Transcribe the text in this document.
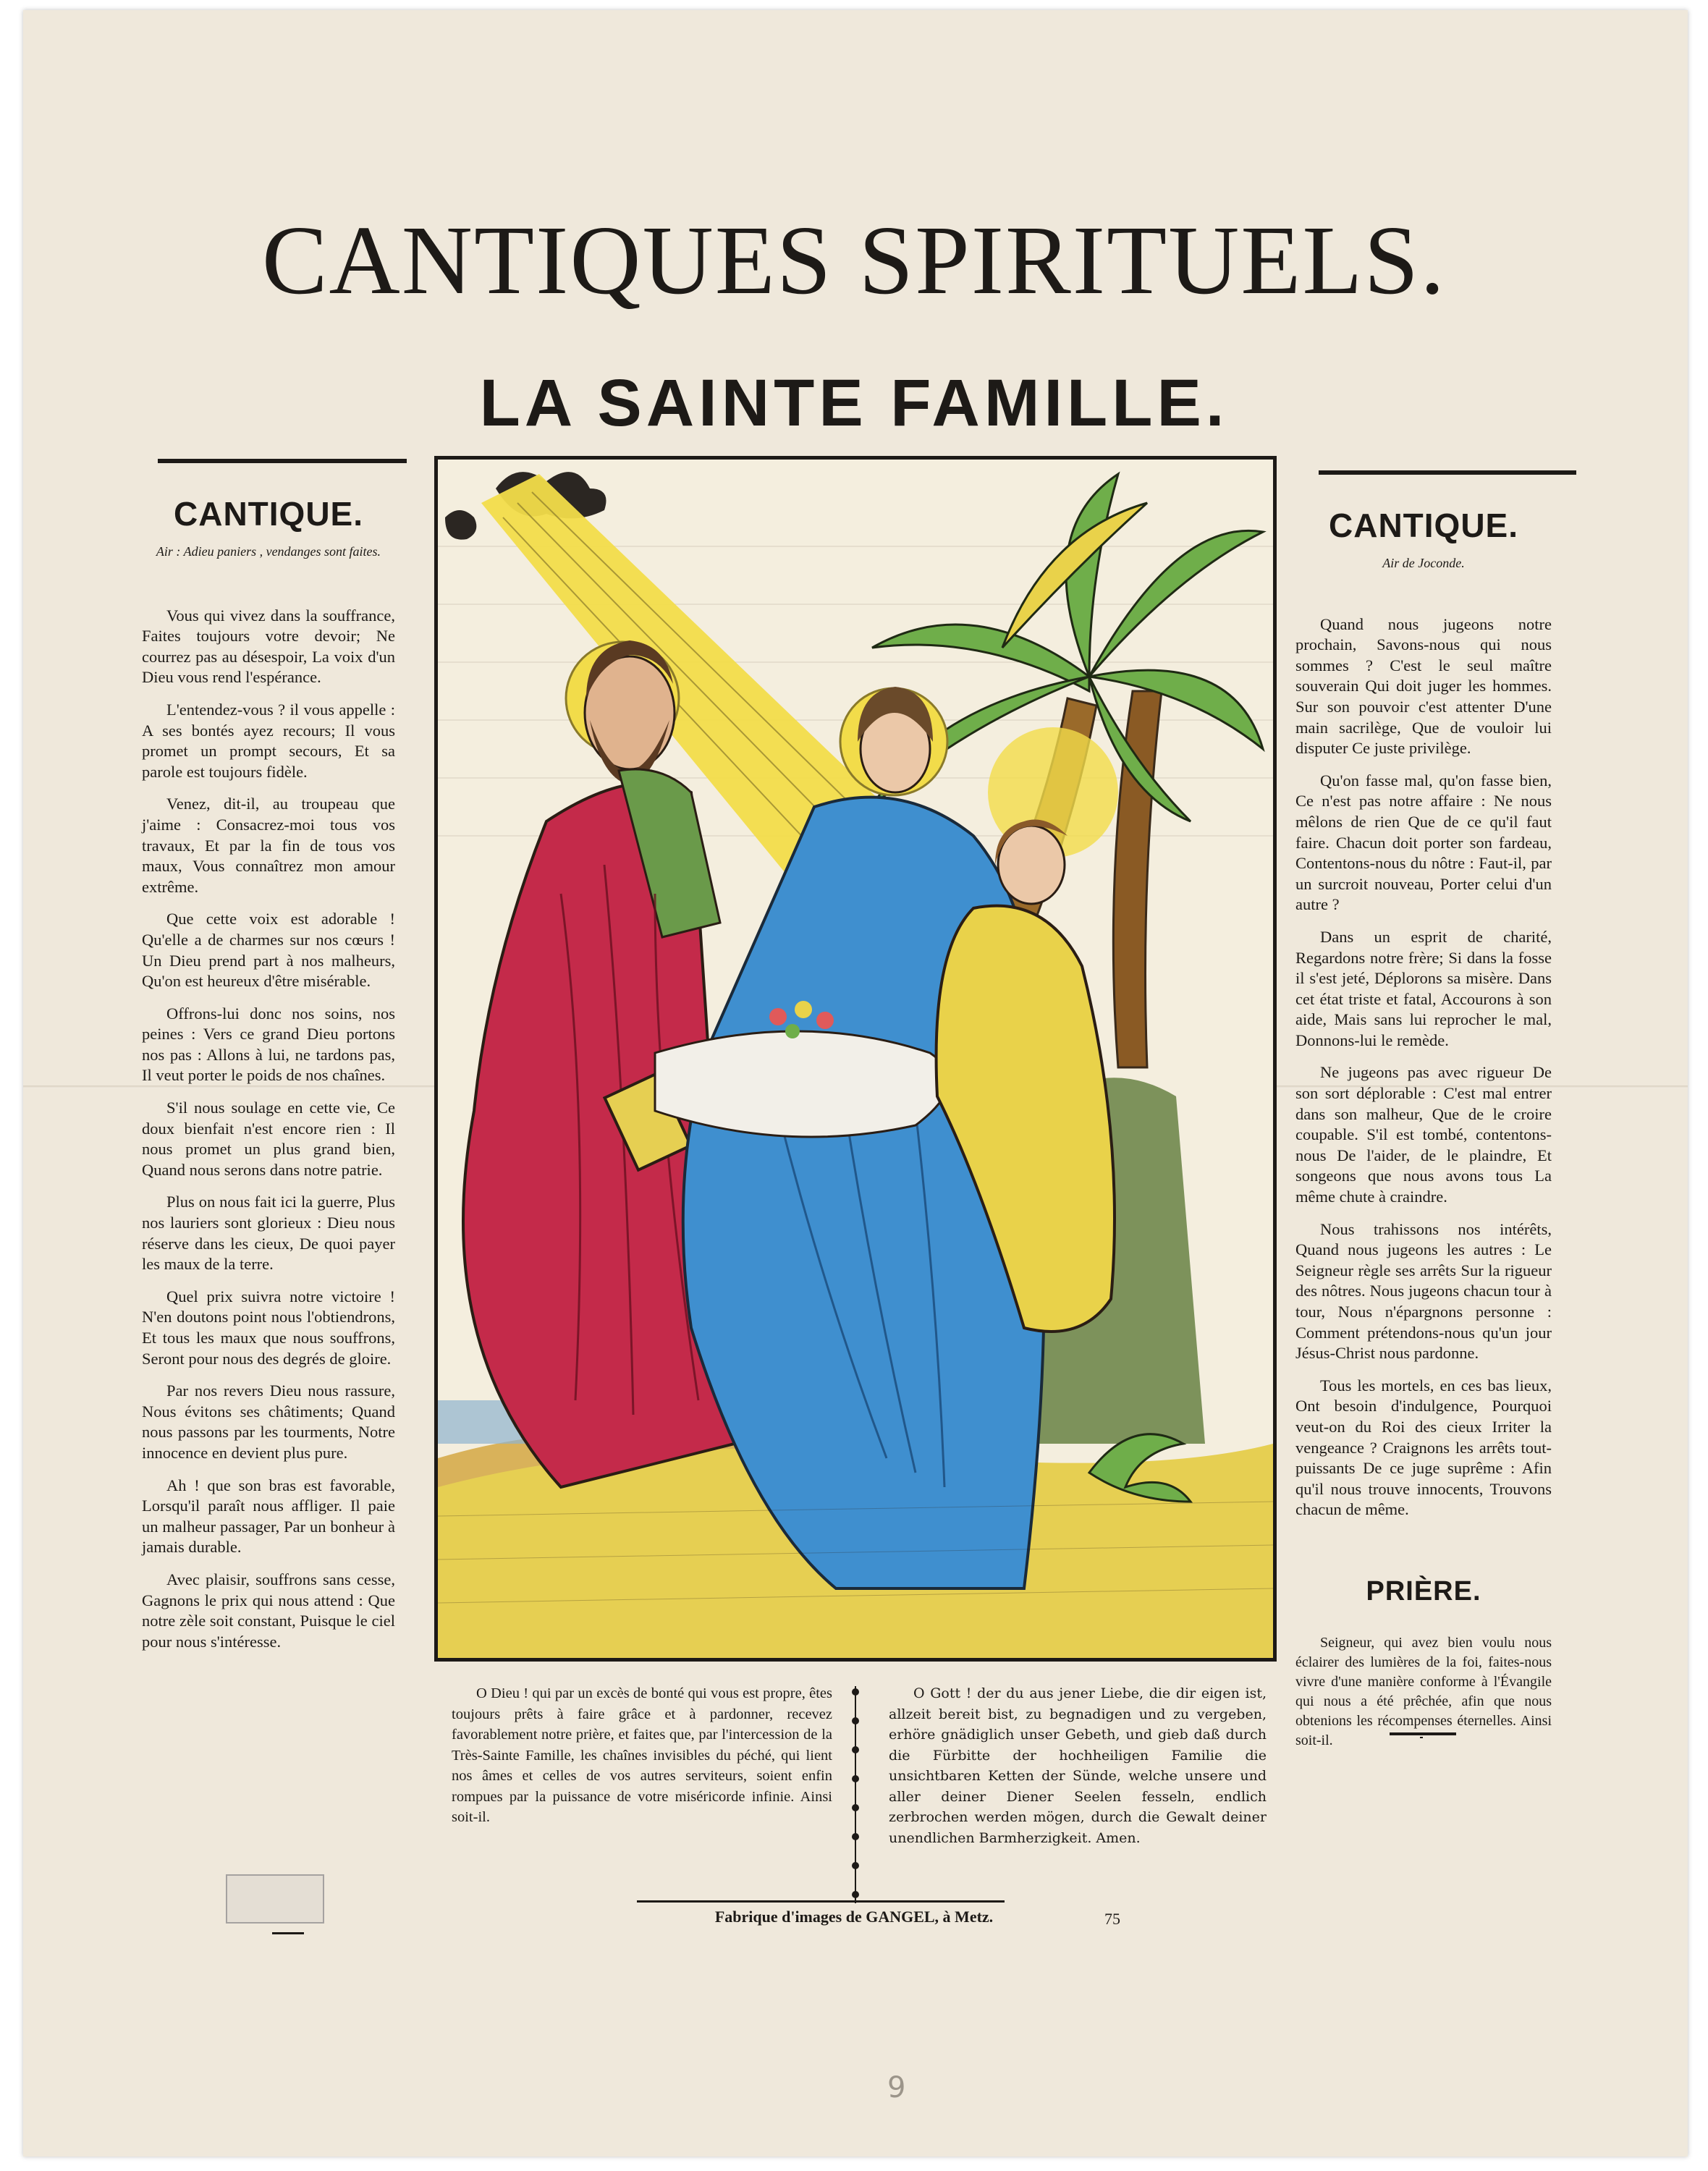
CANTIQUES SPIRITUELS.
LA SAINTE FAMILLE.
CANTIQUE.
Air : Adieu paniers , vendanges sont faites.

Vous qui vivez dans la souffrance, Faites toujours votre devoir; Ne courrez pas au désespoir, La voix d'un Dieu vous rend l'espérance.

L'entendez-vous ? il vous appelle : A ses bontés ayez recours; Il vous promet un prompt secours, Et sa parole est toujours fidèle.

Venez, dit-il, au troupeau que j'aime : Consacrez-moi tous vos travaux, Et par la fin de tous vos maux, Vous connaîtrez mon amour extrême.

Que cette voix est adorable ! Qu'elle a de charmes sur nos cœurs ! Un Dieu prend part à nos malheurs, Qu'on est heureux d'être misérable.

Offrons-lui donc nos soins, nos peines : Vers ce grand Dieu portons nos pas : Allons à lui, ne tardons pas, Il veut porter le poids de nos chaînes.

S'il nous soulage en cette vie, Ce doux bienfait n'est encore rien : Il nous promet un plus grand bien, Quand nous serons dans notre patrie.

Plus on nous fait ici la guerre, Plus nos lauriers sont glorieux : Dieu nous réserve dans les cieux, De quoi payer les maux de la terre.

Quel prix suivra notre victoire ! N'en doutons point nous l'obtiendrons, Et tous les maux que nous souffrons, Seront pour nous des degrés de gloire.

Par nos revers Dieu nous rassure, Nous évitons ses châtiments; Quand nous passons par les tourments, Notre innocence en devient plus pure.

Ah ! que son bras est favorable, Lorsqu'il paraît nous affliger. Il paie un malheur passager, Par un bonheur à jamais durable.

Avec plaisir, souffrons sans cesse, Gagnons le prix qui nous attend : Que notre zèle soit constant, Puisque le ciel pour nous s'intéresse.

CANTIQUE.
Air de Joconde.

Quand nous jugeons notre prochain, Savons-nous qui nous sommes ? C'est le seul maître souverain Qui doit juger les hommes. Sur son pouvoir c'est attenter D'une main sacrilège, Que de vouloir lui disputer Ce juste privilège.

Qu'on fasse mal, qu'on fasse bien, Ce n'est pas notre affaire : Ne nous mêlons de rien Que de ce qu'il faut faire. Chacun doit porter son fardeau, Contentons-nous du nôtre : Faut-il, par un surcroit nouveau, Porter celui d'un autre ?

Dans un esprit de charité, Regardons notre frère; Si dans la fosse il s'est jeté, Déplorons sa misère. Dans cet état triste et fatal, Accourons à son aide, Mais sans lui reprocher le mal, Donnons-lui le remède.

Ne jugeons pas avec rigueur De son sort déplorable : C'est mal entrer dans son malheur, Que de le croire coupable. S'il est tombé, contentons-nous De l'aider, de le plaindre, Et songeons que nous avons tous La même chute à craindre.

Nous trahissons nos intérêts, Quand nous jugeons les autres : Le Seigneur règle ses arrêts Sur la rigueur des nôtres. Nous jugeons chacun tour à tour, Nous n'épargnons personne : Comment prétendons-nous qu'un jour Jésus-Christ nous pardonne.

Tous les mortels, en ces bas lieux, Ont besoin d'indulgence, Pourquoi veut-on du Roi des cieux Irriter la vengeance ? Craignons les arrêts tout-puissants De ce juge suprême : Afin qu'il nous trouve innocents, Trouvons chacun de même.

PRIÈRE.

Seigneur, qui avez bien voulu nous éclairer des lumières de la foi, faites-nous vivre d'une manière conforme à l'Évangile qui nous a été prêchée, afin que nous obtenions les récompenses éternelles. Ainsi soit-il.

O Dieu ! qui par un excès de bonté qui vous est propre, êtes toujours prêts à faire grâce et à pardonner, recevez favorablement notre prière, et faites que, par l'intercession de la Très-Sainte Famille, les chaînes invisibles du péché, qui lient nos âmes et celles de vos autres serviteurs, soient enfin rompues par la puissance de votre miséricorde infinie. Ainsi soit-il.

O Gott ! der du aus jener Liebe, die dir eigen ist, allzeit bereit bist, zu begnadigen und zu vergeben, erhöre gnädiglich unser Gebeth, und gieb daß durch die Fürbitte der hochheiligen Familie die unsichtbaren Ketten der Sünde, welche unsere und aller deiner Diener Seelen fesseln, endlich zerbrochen werden mögen, durch die Gewalt deiner unendlichen Barmherzigkeit. Amen.

Fabrique d'images de GANGEL, à Metz.	75
9
